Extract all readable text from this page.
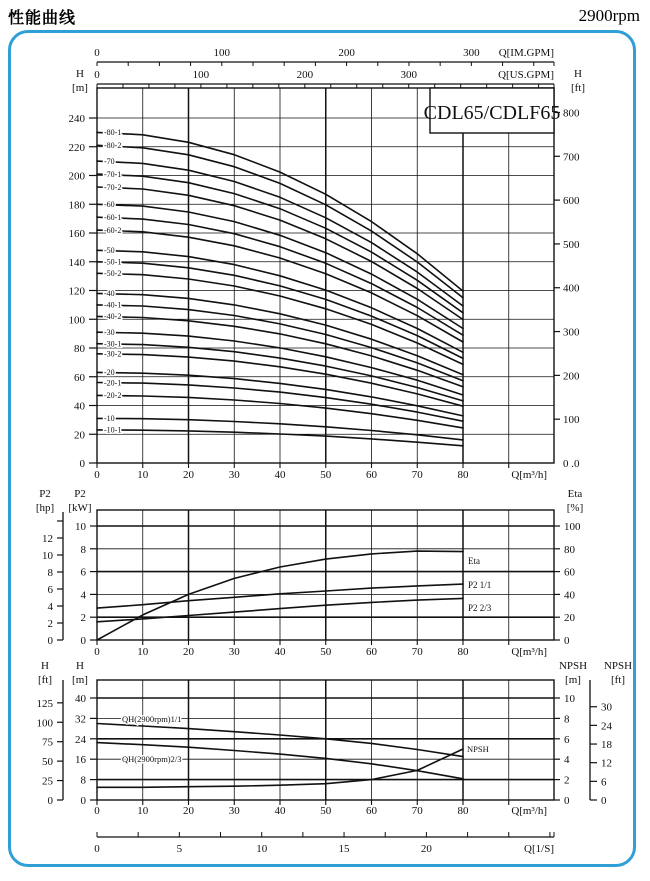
性能曲线	2900rpm
0	100	200	300 Q[IM.GPM]
0	100	200	300	Q[US.GPM]
-80-1
-80-2
-70
-70-1
-70-2
-60
-60-1
-60-2
-50
-50-1
-50-2
-40
-40-1
-40-2
-30
-30-1
-30-2
-20
-20-1
-20-2
-10
-10-1
CDL65/CDLF65
0
20
40
60
80
100
120
140
160
180
200
220
240
100
200
300
400
500
600
700
800
0 .0
0	10	20	30	40	50	60	70	80	Q[m³/h]
H
[m]
H
[ft]
Eta
P2 1/1
P2 2/3
0
2
4
6
8
10
0
2
4
6
8
10
12
0
20
40
60
80
100
0	10	20	30	40	50	60	70	80	Q[m³/h]
P2
[hp]
P2
[kW]
Eta
[%]
QH(2900rpm)1/1
QH(2900rpm)2/3
NPSH
0
8
16
24
32
40
0
25
50
75
100
125
0
2
4
6
8
10
0
6
12
18
24
30
0	10	20	30	40	50	60	70	80	Q[m³/h]
H
[ft]
H
[m]
NPSH
[m]
NPSH
[ft]
0	5	10	15	20	Q[1/S]
